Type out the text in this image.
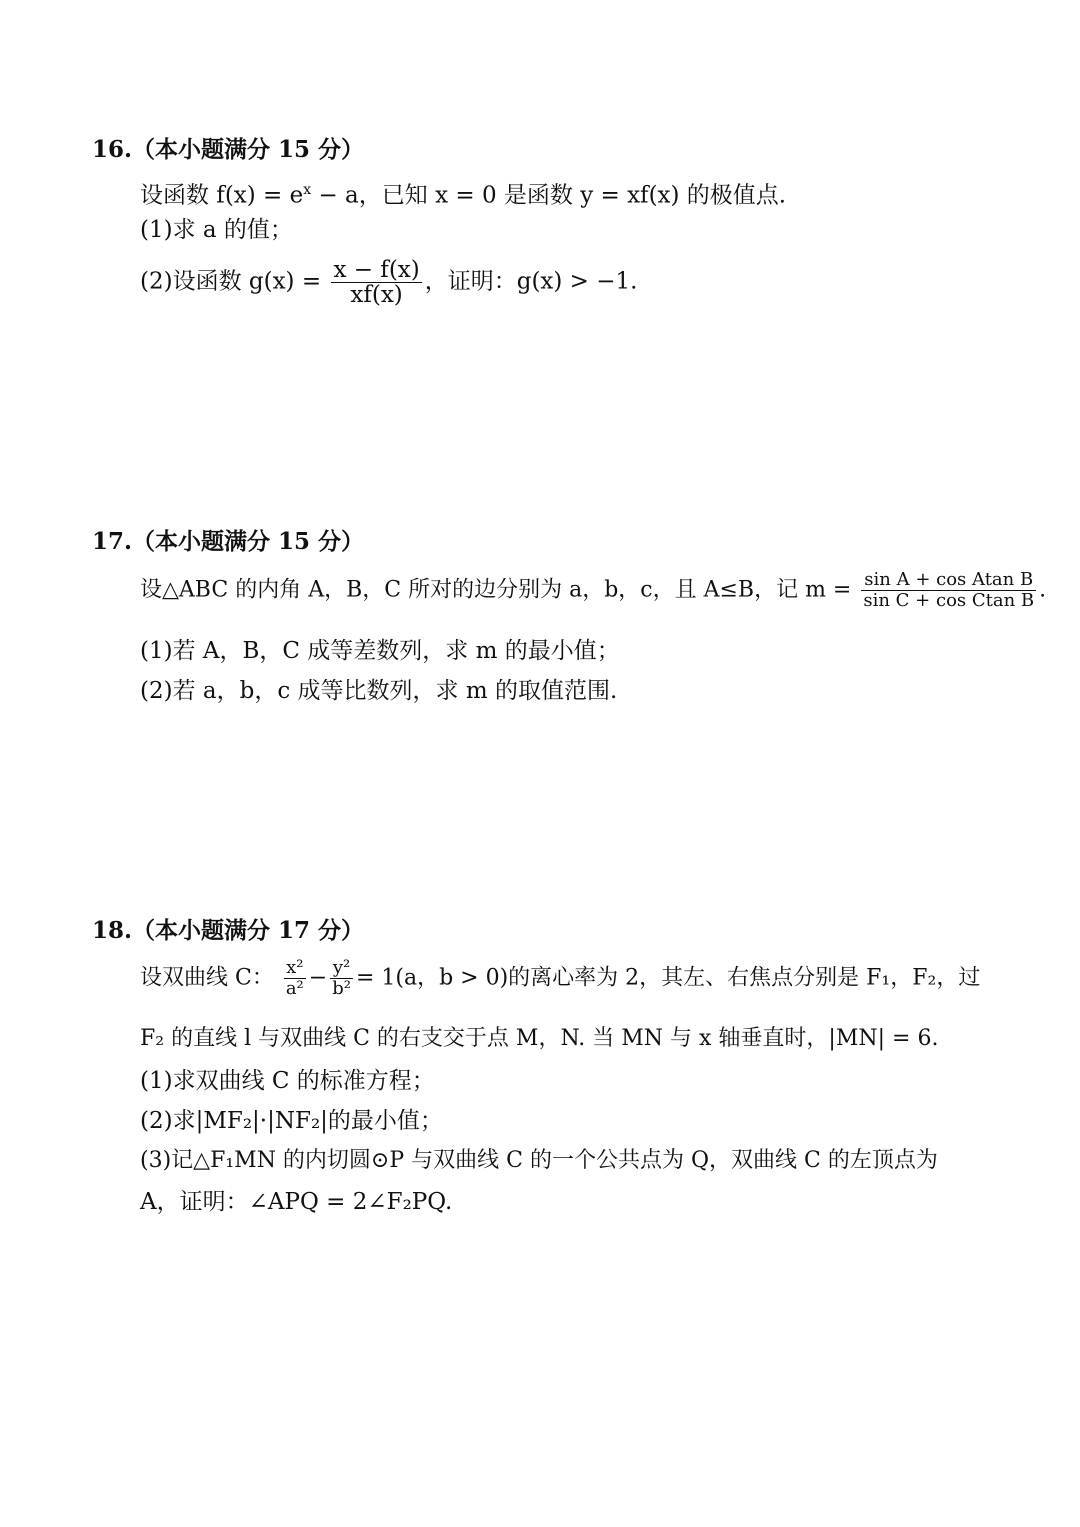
16. （本小题满分 15 分）
设函数 $f(x) = e^x - a$，已知 x = 0 是函数 y = xf(x) 的极值点.
(1)求 a 的值；
(2)设函数 $g(x) = \frac{x - f(x)}{xf(x)}$ ，证明：g(x) > −1.
17. （本小题满分 15 分）
设△ABC 的内角 A，B，C 所对的边分别为 a，b，c，且 A≤B，记 $m = \frac{\text{sin A + cos Atan B}}{\text{sin C + cos Ctan B}}$ .
(1)若 A，B，C 成等差数列，求 m 的最小值；
(2)若 a，b，c 成等比数列，求 m 的取值范围.
18. （本小题满分 17 分）
设双曲线 C： $\frac{\text{x²}}{\text{a²}} - \frac{\text{y²}}{\text{b²}} = 1(a$，b > 0)的离心率为 2，其左、右焦点分别是 F₁，F₂，过
F₂ 的直线 l 与双曲线 C 的右支交于点 M，N. 当 MN 与 x 轴垂直时，|MN| = 6.
(1)求双曲线 C 的标准方程；
(2)求|MF₂|·|NF₂|的最小值；
(3)记△F₁MN 的内切圆⊙P 与双曲线 C 的一个公共点为 Q，双曲线 C 的左顶点为
A，证明：∠APQ = 2∠F₂PQ.
